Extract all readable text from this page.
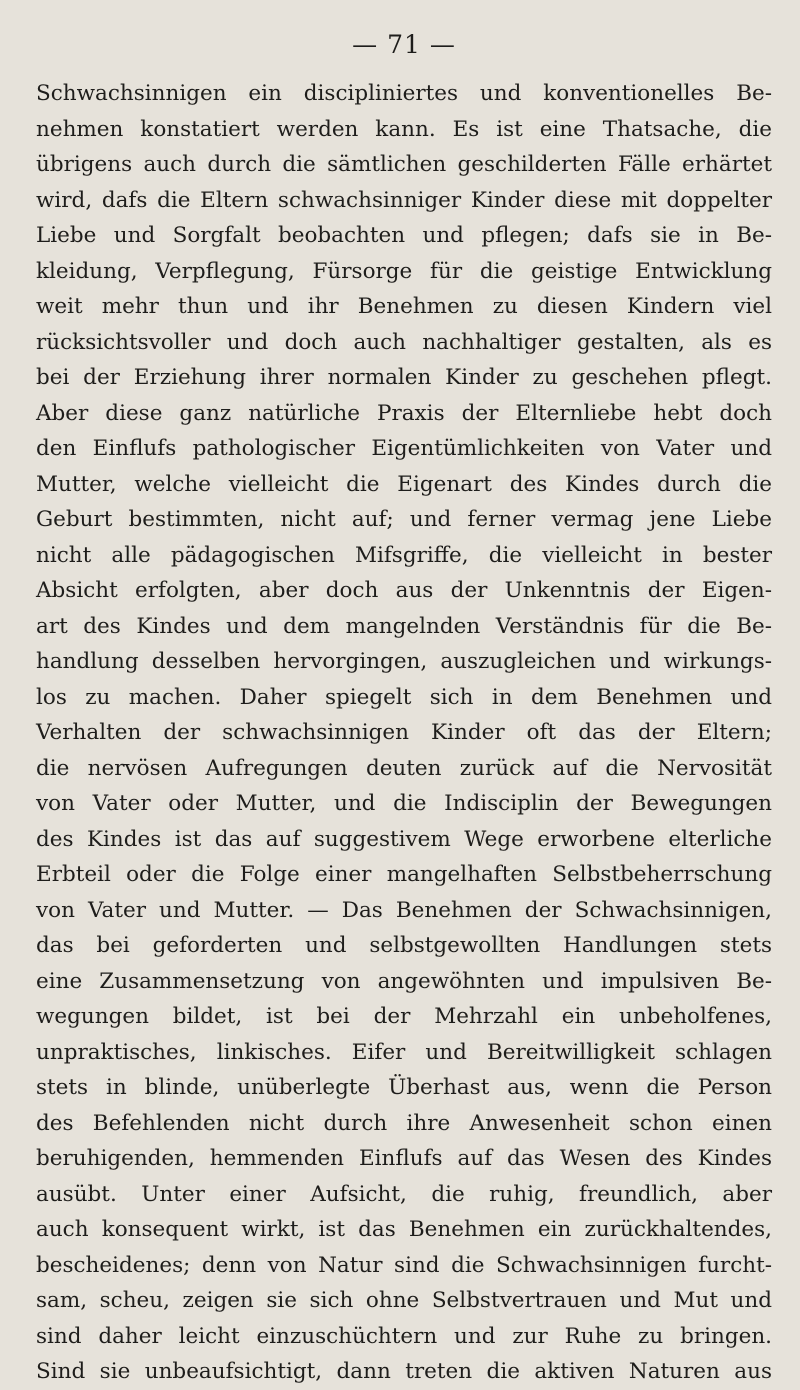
— 71 —
Schwachsinnigen ein discipliniertes und konventionelles Be-
nehmen konstatiert werden kann. Es ist eine Thatsache, die
übrigens auch durch die sämtlichen geschilderten Fälle erhärtet
wird, dafs die Eltern schwachsinniger Kinder diese mit doppelter
Liebe und Sorgfalt beobachten und pflegen; dafs sie in Be-
kleidung, Verpflegung, Fürsorge für die geistige Entwicklung
weit mehr thun und ihr Benehmen zu diesen Kindern viel
rücksichtsvoller und doch auch nachhaltiger gestalten, als es
bei der Erziehung ihrer normalen Kinder zu geschehen pflegt.
Aber diese ganz natürliche Praxis der Elternliebe hebt doch
den Einflufs pathologischer Eigentümlichkeiten von Vater und
Mutter, welche vielleicht die Eigenart des Kindes durch die
Geburt bestimmten, nicht auf; und ferner vermag jene Liebe
nicht alle pädagogischen Mifsgriffe, die vielleicht in bester
Absicht erfolgten, aber doch aus der Unkenntnis der Eigen-
art des Kindes und dem mangelnden Verständnis für die Be-
handlung desselben hervorgingen, auszugleichen und wirkungs-
los zu machen. Daher spiegelt sich in dem Benehmen und
Verhalten der schwachsinnigen Kinder oft das der Eltern;
die nervösen Aufregungen deuten zurück auf die Nervosität
von Vater oder Mutter, und die Indisciplin der Bewegungen
des Kindes ist das auf suggestivem Wege erworbene elterliche
Erbteil oder die Folge einer mangelhaften Selbstbeherrschung
von Vater und Mutter. — Das Benehmen der Schwachsinnigen,
das bei geforderten und selbstgewollten Handlungen stets
eine Zusammensetzung von angewöhnten und impulsiven Be-
wegungen bildet, ist bei der Mehrzahl ein unbeholfenes,
unpraktisches, linkisches. Eifer und Bereitwilligkeit schlagen
stets in blinde, unüberlegte Überhast aus, wenn die Person
des Befehlenden nicht durch ihre Anwesenheit schon einen
beruhigenden, hemmenden Einflufs auf das Wesen des Kindes
ausübt. Unter einer Aufsicht, die ruhig, freundlich, aber
auch konsequent wirkt, ist das Benehmen ein zurückhaltendes,
bescheidenes; denn von Natur sind die Schwachsinnigen furcht-
sam, scheu, zeigen sie sich ohne Selbstvertrauen und Mut und
sind daher leicht einzuschüchtern und zur Ruhe zu bringen.
Sind sie unbeaufsichtigt, dann treten die aktiven Naturen aus
